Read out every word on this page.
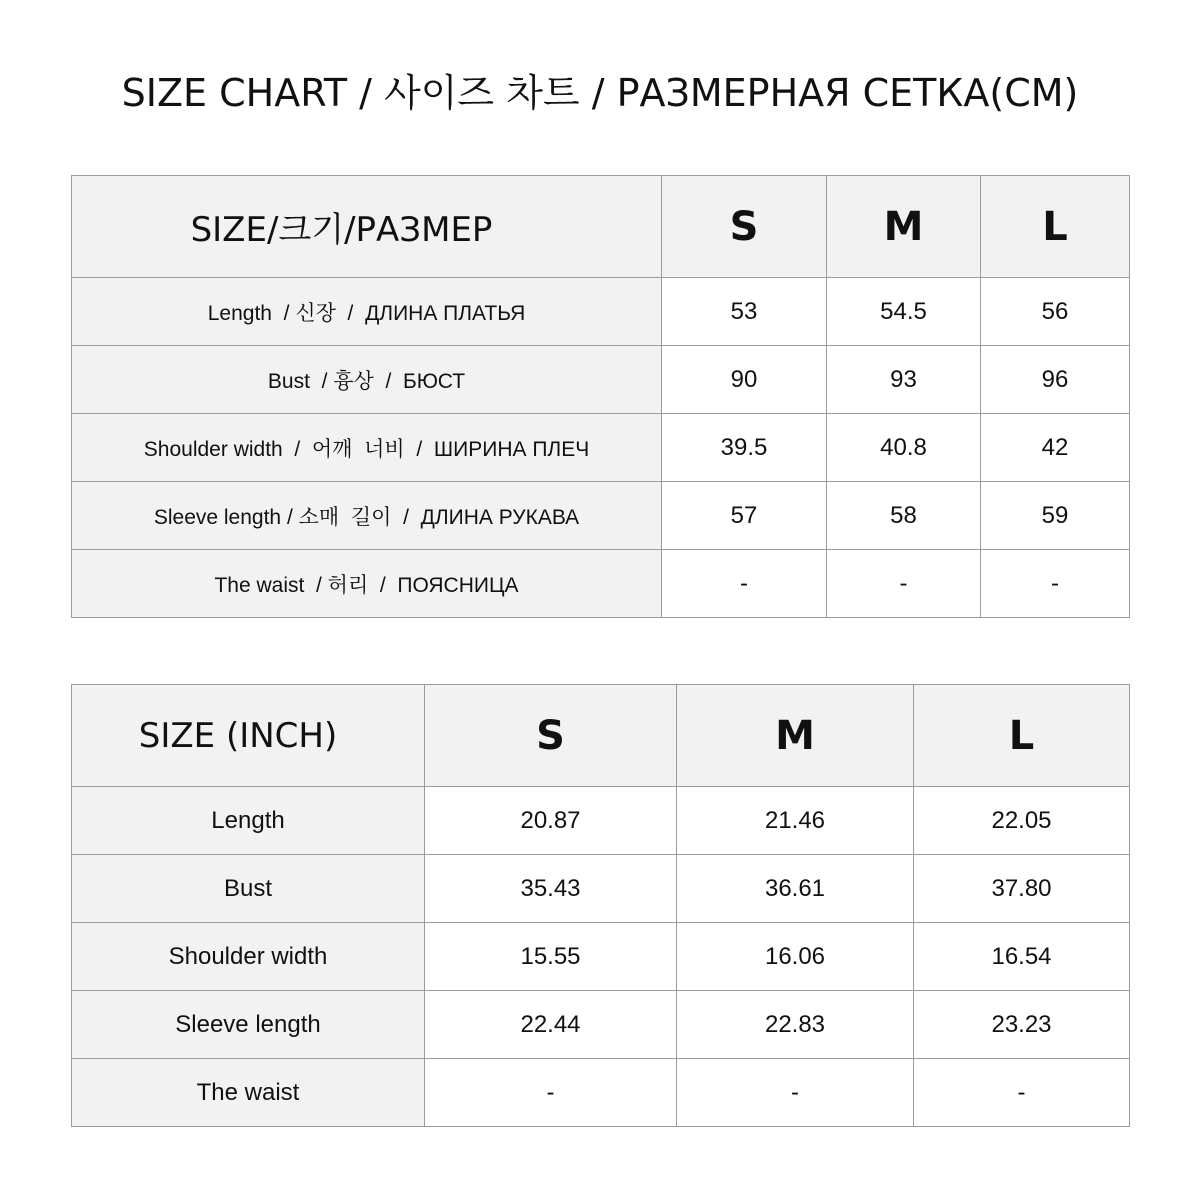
SIZE CHART / 사이즈 차트 / РАЗМЕРНАЯ СЕТКА(CM)
SIZE/크기/РАЗМЕР	S	M	L
Length  / 신장  /  ДЛИНА ПЛАТЬЯ	53	54.5	56
Bust  / 흉상  /  БЮСТ	90	93	96
Shoulder width  /  어깨  너비  /  ШИРИНА ПЛЕЧ	39.5	40.8	42
Sleeve length / 소매  길이  /  ДЛИНА РУКАВА	57	58	59
The waist  / 허리  /  ПОЯСНИЦА	-	-	-
SIZE (INCH)	S	M	L
Length	20.87	21.46	22.05
Bust	35.43	36.61	37.80
Shoulder width	15.55	16.06	16.54
Sleeve length	22.44	22.83	23.23
The waist	-	-	-
